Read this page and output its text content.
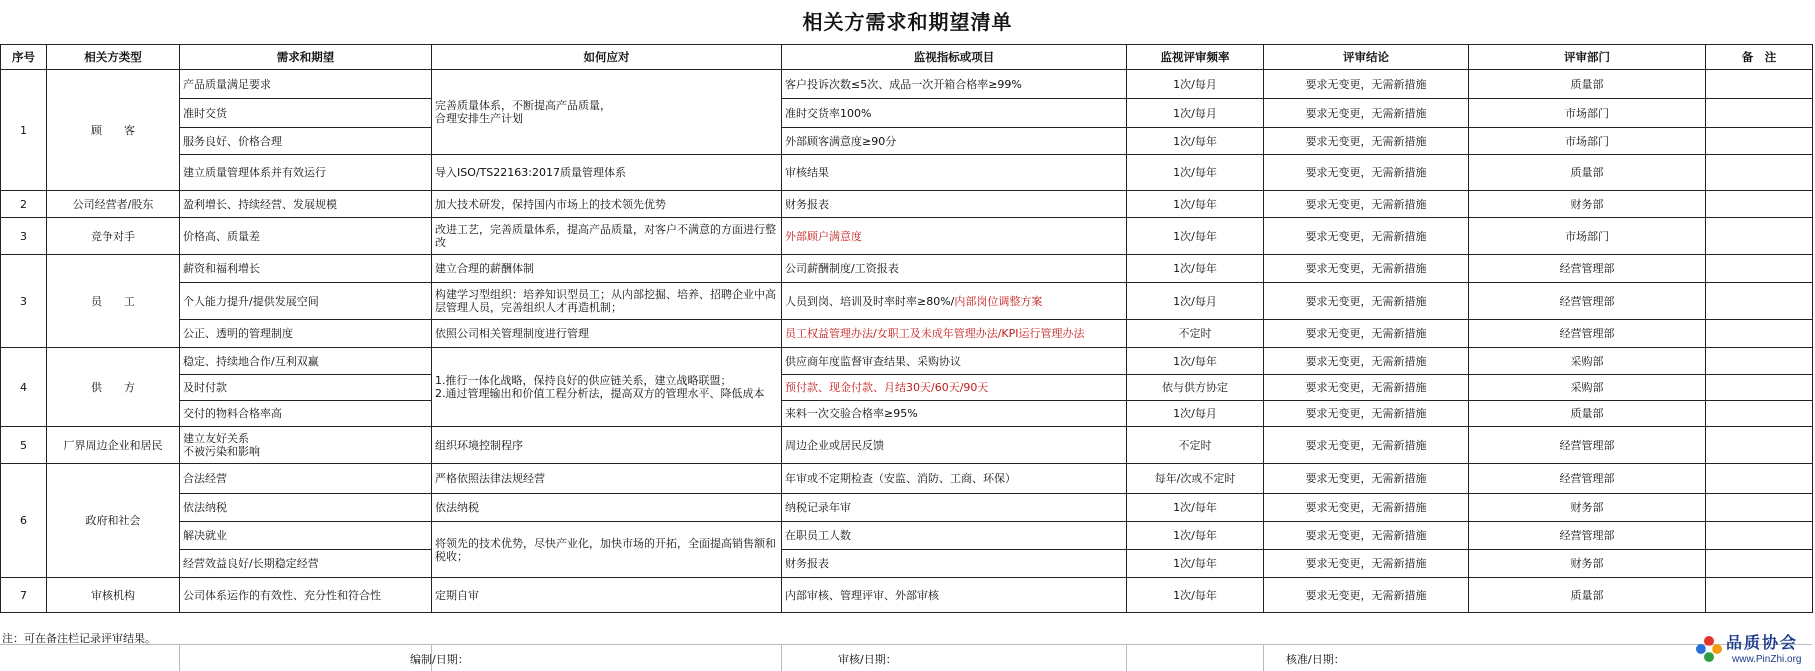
相关方需求和期望清单
序号	相关方类型	需求和期望	如何应对	监视指标或项目	监视评审频率	评审结论	评审部门	备　注
1	顾　　客	产品质量满足要求	完善质量体系，不断提高产品质量，
合理安排生产计划	客户投诉次数≤5次、成品一次开箱合格率≥99%	1次/每月	要求无变更，无需新措施	质量部	
		准时交货		准时交货率100%	1次/每月	要求无变更，无需新措施	市场部门	
		服务良好、价格合理		外部顾客满意度≥90分	1次/每年	要求无变更，无需新措施	市场部门	
		建立质量管理体系并有效运行	导入ISO/TS22163:2017质量管理体系	审核结果	1次/每年	要求无变更，无需新措施	质量部	
2	公司经营者/股东	盈利增长、持续经营、发展规模	加大技术研发，保持国内市场上的技术领先优势	财务报表	1次/每年	要求无变更，无需新措施	财务部	
3	竞争对手	价格高、质量差	改进工艺，完善质量体系，提高产品质量，对客户不满意的方面进行整改	外部顾户满意度	1次/每年	要求无变更，无需新措施	市场部门	
3	员　　工	薪资和福利增长	建立合理的薪酬体制	公司薪酬制度/工资报表	1次/每年	要求无变更，无需新措施	经营管理部	
		个人能力提升/提供发展空间	构建学习型组织：培养知识型员工；从内部挖掘、培养、招聘企业中高层管理人员，完善组织人才再造机制；	人员到岗、培训及时率时率≥80%/内部岗位调整方案	1次/每月	要求无变更，无需新措施	经营管理部	
		公正、透明的管理制度	依照公司相关管理制度进行管理	员工权益管理办法/女职工及未成年管理办法/KPI运行管理办法	不定时	要求无变更，无需新措施	经营管理部	
4	供　　方	稳定、持续地合作/互利双赢	1.推行一体化战略，保持良好的供应链关系，建立战略联盟；
2.通过管理输出和价值工程分析法，提高双方的管理水平、降低成本	供应商年度监督审查结果、采购协议	1次/每年	要求无变更，无需新措施	采购部	
		及时付款		预付款、现金付款、月结30天/60天/90天	依与供方协定	要求无变更，无需新措施	采购部	
		交付的物料合格率高		来料一次交验合格率≥95%	1次/每月	要求无变更，无需新措施	质量部	
5	厂界周边企业和居民	建立友好关系
不被污染和影响	组织环境控制程序	周边企业或居民反馈	不定时	要求无变更，无需新措施	经营管理部	
6	政府和社会	合法经营	严格依照法律法规经营	年审或不定期检查（安监、消防、工商、环保）	每年/次或不定时	要求无变更，无需新措施	经营管理部	
		依法纳税	依法纳税	纳税记录年审	1次/每年	要求无变更，无需新措施	财务部	
		解决就业	将领先的技术优势，尽快产业化，加快市场的开拓，全面提高销售额和税收；	在职员工人数	1次/每年	要求无变更，无需新措施	经营管理部	
		经营效益良好/长期稳定经营		财务报表	1次/每年	要求无变更，无需新措施	财务部	
7	审核机构	公司体系运作的有效性、充分性和符合性	定期自审	内部审核、管理评审、外部审核	1次/每年	要求无变更，无需新措施	质量部	
注：可在备注栏记录评审结果。
编制/日期：	审核/日期：	核准/日期：
品质协会
www.PinZhi.org
